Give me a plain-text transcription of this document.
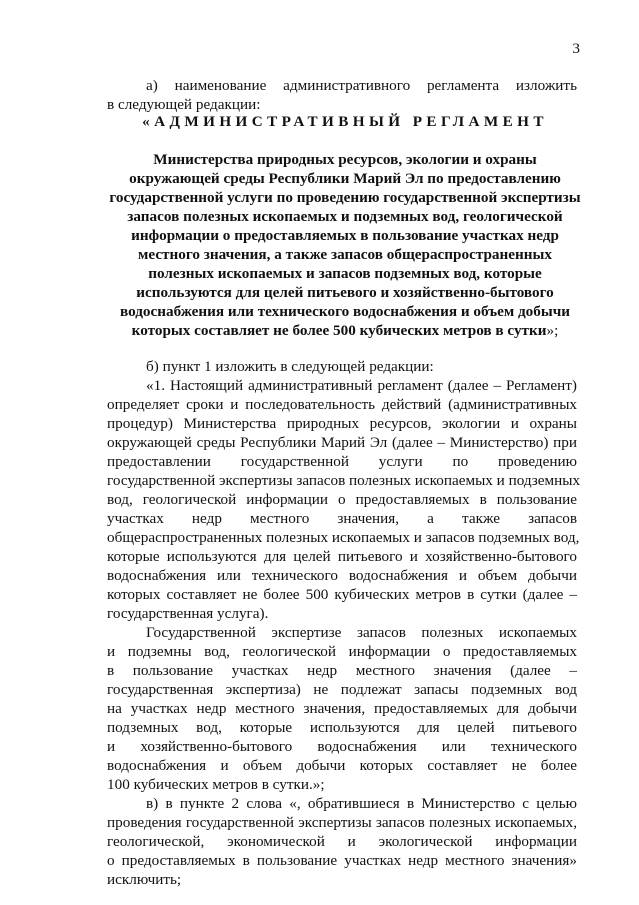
3

а) наименование административного регламента изложить

в следующей редакции:

«АДМИНИСТРАТИВНЫЙ РЕГЛАМЕНТ

Министерства природных ресурсов, экологии и охраны

окружающей среды Республики Марий Эл по предоставлению

государственной услуги по проведению государственной экспертизы

запасов полезных ископаемых и подземных вод, геологической

информации о предоставляемых в пользование участках недр

местного значения, а также запасов общераспространенных

полезных ископаемых и запасов подземных вод, которые

используются для целей питьевого и хозяйственно-бытового

водоснабжения или технического водоснабжения и объем добычи

которых составляет не более 500 кубических метров в сутки»;

б) пункт 1 изложить в следующей редакции:

«1. Настоящий административный регламент (далее – Регламент)

определяет сроки и последовательность действий (административных

процедур) Министерства природных ресурсов, экологии и охраны

окружающей среды Республики Марий Эл (далее – Министерство) при

предоставлении государственной услуги по проведению

государственной экспертизы запасов полезных ископаемых и подземных

вод, геологической информации о предоставляемых в пользование

участках недр местного значения, а также запасов

общераспространенных полезных ископаемых и запасов подземных вод,

которые используются для целей питьевого и хозяйственно-бытового

водоснабжения или технического водоснабжения и объем добычи

которых составляет не более 500 кубических метров в сутки (далее –

государственная услуга).

Государственной экспертизе запасов полезных ископаемых

и подземны вод, геологической информации о предоставляемых

в пользование участках недр местного значения (далее –

государственная экспертиза) не подлежат запасы подземных вод

на участках недр местного значения, предоставляемых для добычи

подземных вод, которые используются для целей питьевого

и хозяйственно-бытового водоснабжения или технического

водоснабжения и объем добычи которых составляет не более

100 кубических метров в сутки.»;

в) в пункте 2 слова «, обратившиеся в Министерство с целью

проведения государственной экспертизы запасов полезных ископаемых,

геологической, экономической и экологической информации

о предоставляемых в пользование участках недр местного значения»

исключить;
